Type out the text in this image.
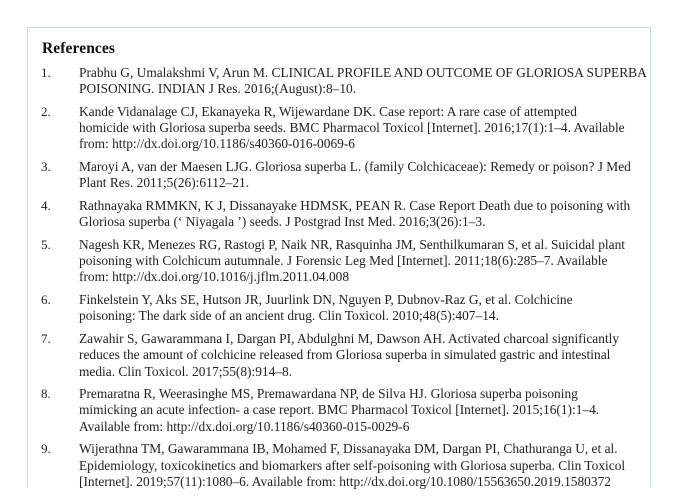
References
1. Prabhu G, Umalakshmi V, Arun M. CLINICAL PROFILE AND OUTCOME OF GLORIOSA SUPERBA
POISONING. INDIAN J Res. 2016;(August):8–10.
2. Kande Vidanalage CJ, Ekanayeka R, Wijewardane DK. Case report: A rare case of attempted
homicide with Gloriosa superba seeds. BMC Pharmacol Toxicol [Internet]. 2016;17(1):1–4. Available
from: http://dx.doi.org/10.1186/s40360-016-0069-6
3. Maroyi A, van der Maesen LJG. Gloriosa superba L. (family Colchicaceae): Remedy or poison? J Med
Plant Res. 2011;5(26):6112–21.
4. Rathnayaka RMMKN, K J, Dissanayake HDMSK, PEAN R. Case Report Death due to poisoning with
Gloriosa superba (‘ Niyagala ’) seeds. J Postgrad Inst Med. 2016;3(26):1–3.
5. Nagesh KR, Menezes RG, Rastogi P, Naik NR, Rasquinha JM, Senthilkumaran S, et al. Suicidal plant
poisoning with Colchicum autumnale. J Forensic Leg Med [Internet]. 2011;18(6):285–7. Available
from: http://dx.doi.org/10.1016/j.jflm.2011.04.008
6. Finkelstein Y, Aks SE, Hutson JR, Juurlink DN, Nguyen P, Dubnov-Raz G, et al. Colchicine
poisoning: The dark side of an ancient drug. Clin Toxicol. 2010;48(5):407–14.
7. Zawahir S, Gawarammana I, Dargan PI, Abdulghni M, Dawson AH. Activated charcoal significantly
reduces the amount of colchicine released from Gloriosa superba in simulated gastric and intestinal
media. Clin Toxicol. 2017;55(8):914–8.
8. Premaratna R, Weerasinghe MS, Premawardana NP, de Silva HJ. Gloriosa superba poisoning
mimicking an acute infection- a case report. BMC Pharmacol Toxicol [Internet]. 2015;16(1):1–4.
Available from: http://dx.doi.org/10.1186/s40360-015-0029-6
9. Wijerathna TM, Gawarammana IB, Mohamed F, Dissanayaka DM, Dargan PI, Chathuranga U, et al.
Epidemiology, toxicokinetics and biomarkers after self-poisoning with Gloriosa superba. Clin Toxicol
[Internet]. 2019;57(11):1080–6. Available from: http://dx.doi.org/10.1080/15563650.2019.1580372
